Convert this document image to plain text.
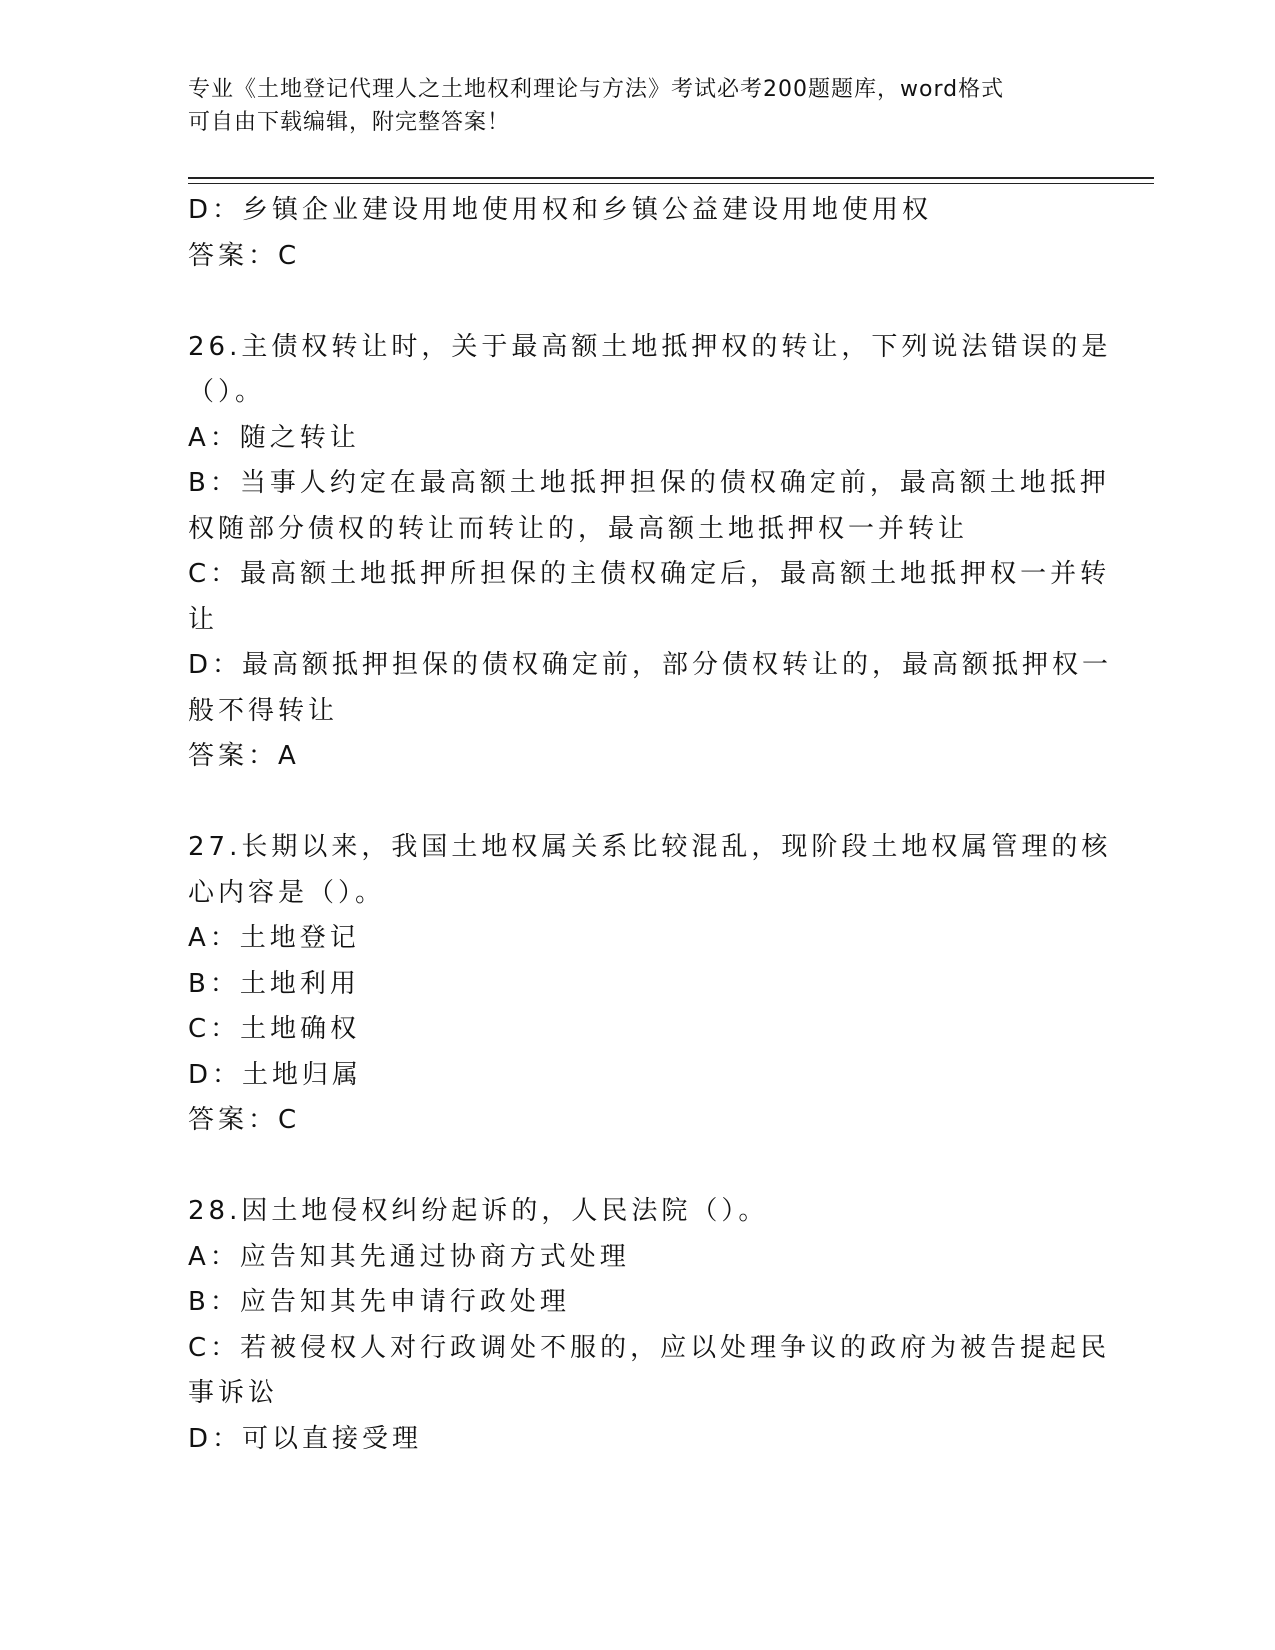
专业《土地登记代理人之土地权利理论与方法》考试必考200题题库，word格式
可自由下载编辑，附完整答案！
D：乡镇企业建设用地使用权和乡镇公益建设用地使用权
答案：C
26.主债权转让时，关于最高额土地抵押权的转让，下列说法错误的是
（）。
A：随之转让
B：当事人约定在最高额土地抵押担保的债权确定前，最高额土地抵押
权随部分债权的转让而转让的，最高额土地抵押权一并转让
C：最高额土地抵押所担保的主债权确定后，最高额土地抵押权一并转
让
D：最高额抵押担保的债权确定前，部分债权转让的，最高额抵押权一
般不得转让
答案：A
27.长期以来，我国土地权属关系比较混乱，现阶段土地权属管理的核
心内容是（）。
A：土地登记
B：土地利用
C：土地确权
D：土地归属
答案：C
28.因土地侵权纠纷起诉的，人民法院（）。
A：应告知其先通过协商方式处理
B：应告知其先申请行政处理
C：若被侵权人对行政调处不服的，应以处理争议的政府为被告提起民
事诉讼
D：可以直接受理
